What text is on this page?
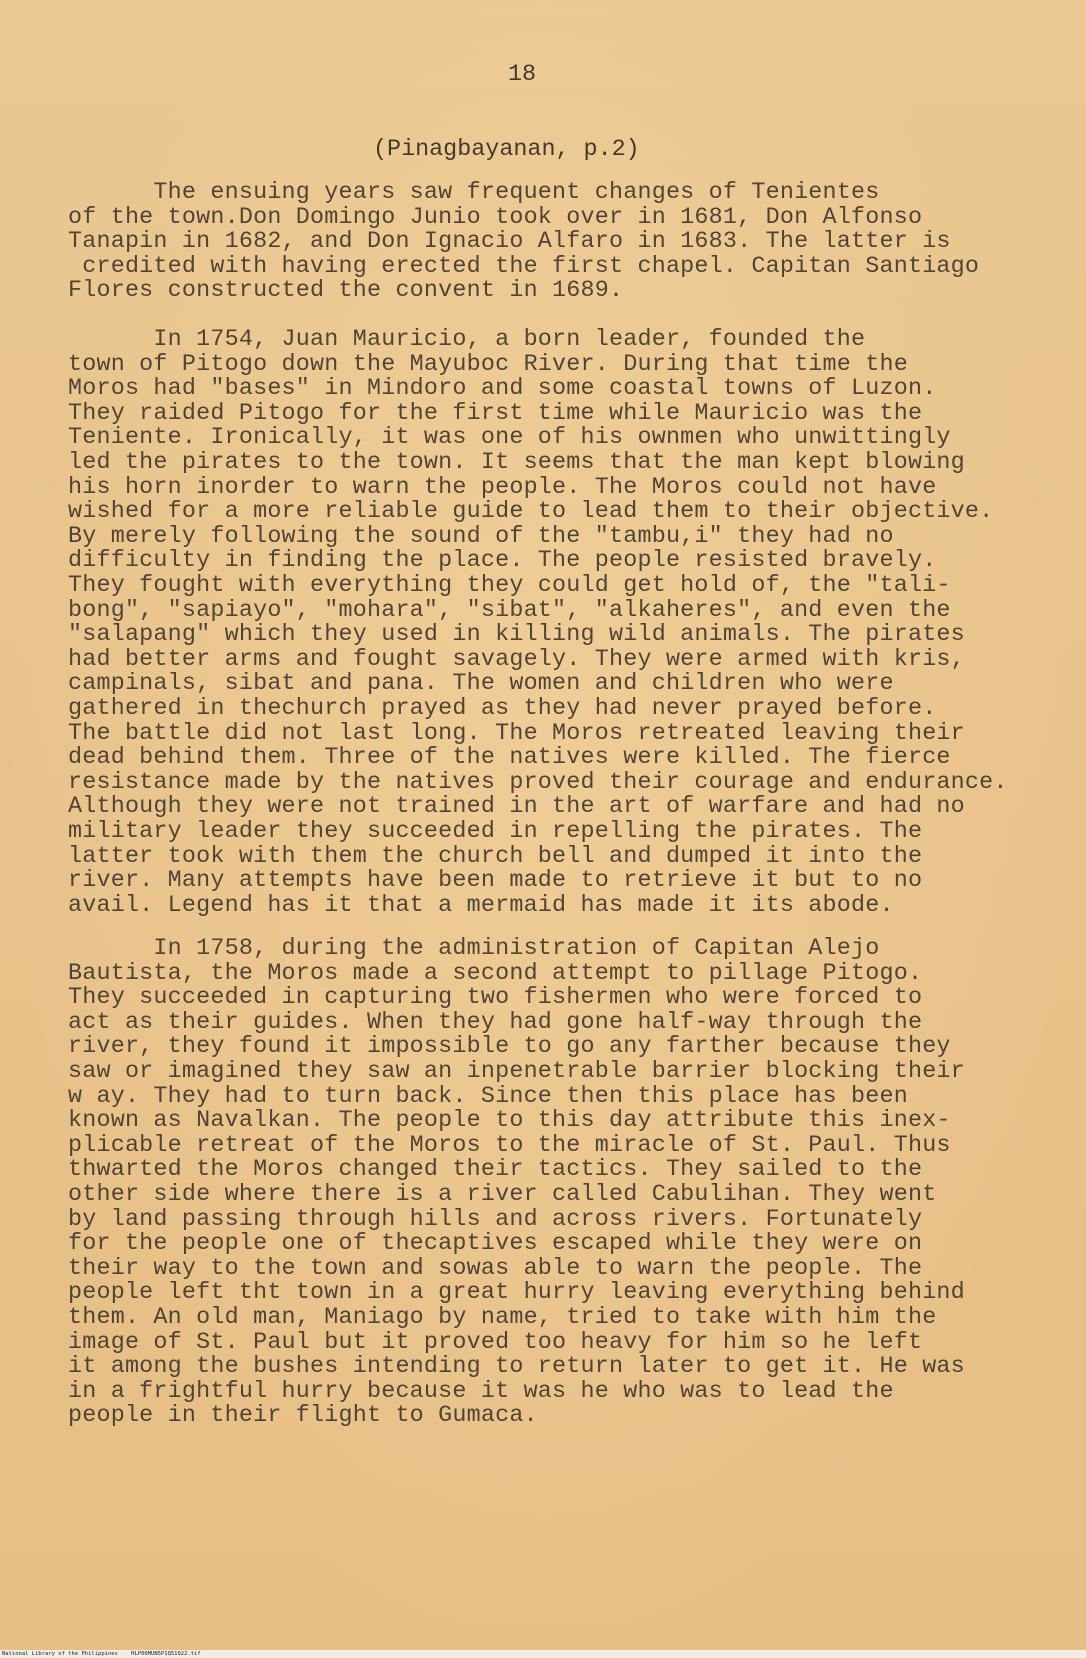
18
(Pinagbayanan, p.2)
The ensuing years saw frequent changes of Tenientes
of the town.Don Domingo Junio took over in 1681, Don Alfonso
Tanapin in 1682, and Don Ignacio Alfaro in 1683. The latter is
credited with having erected the first chapel. Capitan Santiago
Flores constructed the convent in 1689.
In 1754, Juan Mauricio, a born leader, founded the
town of Pitogo down the Mayuboc River. During that time the
Moros had "bases" in Mindoro and some coastal towns of Luzon.
They raided Pitogo for the first time while Mauricio was the
Teniente. Ironically, it was one of his ownmen who unwittingly
led the pirates to the town. It seems that the man kept blowing
his horn inorder to warn the people. The Moros could not have
wished for a more reliable guide to lead them to their objective.
By merely following the sound of the "tambu,i" they had no
difficulty in finding the place. The people resisted bravely.
They fought with everything they could get hold of, the "tali-
bong", "sapiayo", "mohara", "sibat", "alkaheres", and even the
"salapang" which they used in killing wild animals. The pirates
had better arms and fought savagely. They were armed with kris,
campinals, sibat and pana. The women and children who were
gathered in thechurch prayed as they had never prayed before.
The battle did not last long. The Moros retreated leaving their
dead behind them. Three of the natives were killed. The fierce
resistance made by the natives proved their courage and endurance.
Although they were not trained in the art of warfare and had no
military leader they succeeded in repelling the pirates. The
latter took with them the church bell and dumped it into the
river. Many attempts have been made to retrieve it but to no
avail. Legend has it that a mermaid has made it its abode.
In 1758, during the administration of Capitan Alejo
Bautista, the Moros made a second attempt to pillage Pitogo.
They succeeded in capturing two fishermen who were forced to
act as their guides. When they had gone half-way through the
river, they found it impossible to go any farther because they
saw or imagined they saw an inpenetrable barrier blocking their
w ay. They had to turn back. Since then this place has been
known as Navalkan. The people to this day attribute this inex-
plicable retreat of the Moros to the miracle of St. Paul. Thus
thwarted the Moros changed their tactics. They sailed to the
other side where there is a river called Cabulihan. They went
by land passing through hills and across rivers. Fortunately
for the people one of thecaptives escaped while they were on
their way to the town and sowas able to warn the people. The
people left tht town in a great hurry leaving everything behind
them. An old man, Maniago by name, tried to take with him the
image of St. Paul but it proved too heavy for him so he left
it among the bushes intending to return later to get it. He was
in a frightful hurry because it was he who was to lead the
people in their flight to Gumaca.
National Library of the Philippines    HLP00MUN5P1Q51022.tif
